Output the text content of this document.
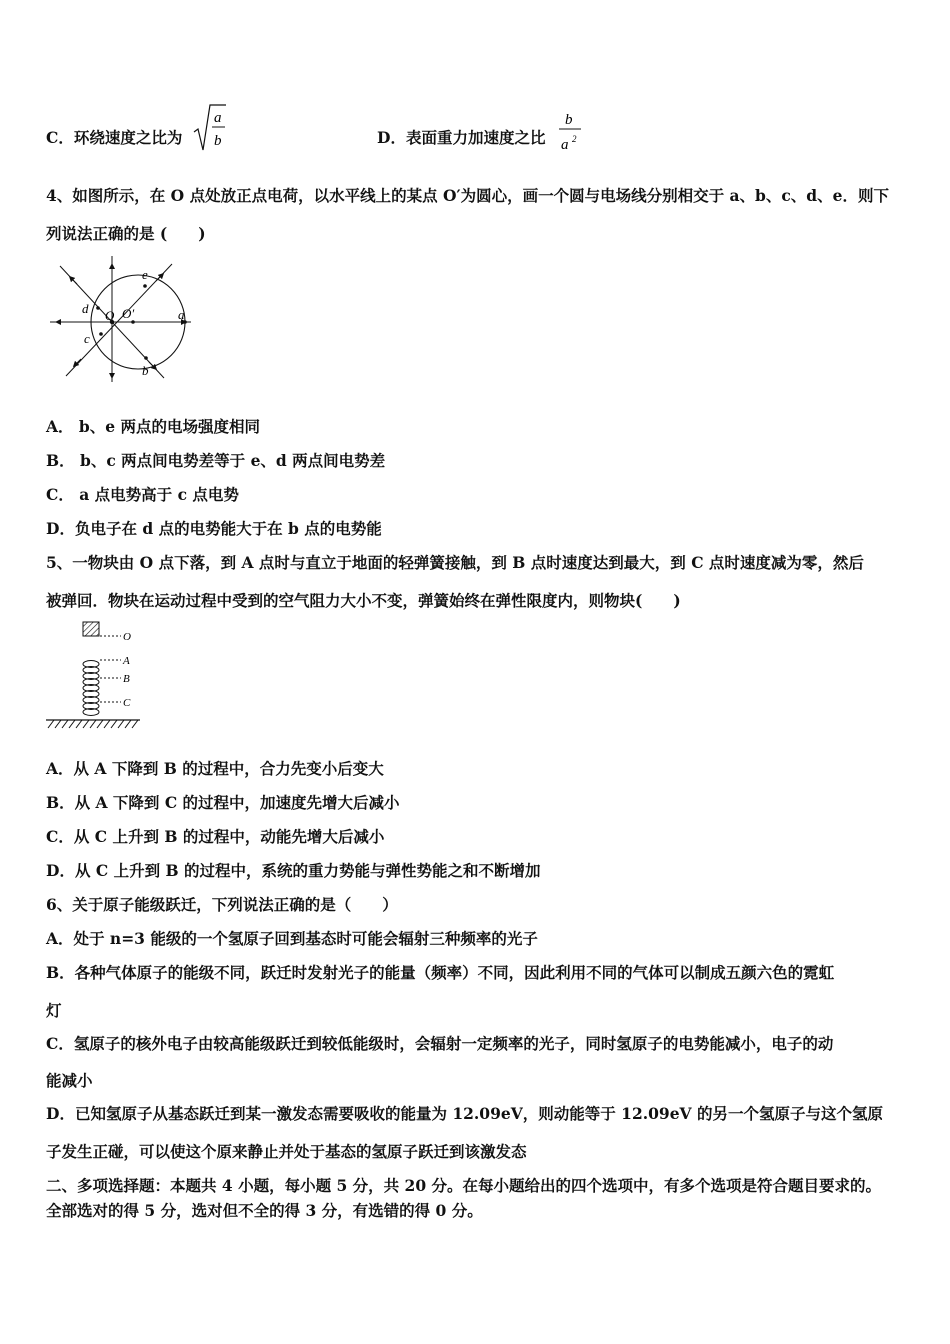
C．环绕速度之比为
a
b	D．表面重力加速度之比
b
a 2
4、如图所示，在 O 点处放正点电荷，以水平线上的某点 O′为圆心，画一个圆与电场线分别相交于 a、b、c、d、e．则下
列说法正确的是 (　　)
d
c
e
b
a
O O′
A． b、e 两点的电场强度相同
B． b、c 两点间电势差等于 e、d 两点间电势差
C． a 点电势高于 c 点电势
D．负电子在 d 点的电势能大于在 b 点的电势能
5、一物块由 O 点下落，到 A 点时与直立于地面的轻弹簧接触，到 B 点时速度达到最大，到 C 点时速度减为零，然后
被弹回．物块在运动过程中受到的空气阻力大小不变，弹簧始终在弹性限度内，则物块(　　)
O
A
B
C
A．从 A 下降到 B 的过程中，合力先变小后变大
B．从 A 下降到 C 的过程中，加速度先增大后减小
C．从 C 上升到 B 的过程中，动能先增大后减小
D．从 C 上升到 B 的过程中，系统的重力势能与弹性势能之和不断增加
6、关于原子能级跃迁，下列说法正确的是（　　）
A．处于 n=3 能级的一个氢原子回到基态时可能会辐射三种频率的光子
B．各种气体原子的能级不同，跃迁时发射光子的能量（频率）不同，因此利用不同的气体可以制成五颜六色的霓虹
灯
C．氢原子的核外电子由较高能级跃迁到较低能级时，会辐射一定频率的光子，同时氢原子的电势能减小，电子的动
能减小
D．已知氢原子从基态跃迁到某一激发态需要吸收的能量为 12.09eV，则动能等于 12.09eV 的另一个氢原子与这个氢原
子发生正碰，可以使这个原来静止并处于基态的氢原子跃迁到该激发态
二、多项选择题：本题共 4 小题，每小题 5 分，共 20 分。在每小题给出的四个选项中，有多个选项是符合题目要求的。
全部选对的得 5 分，选对但不全的得 3 分，有选错的得 0 分。
